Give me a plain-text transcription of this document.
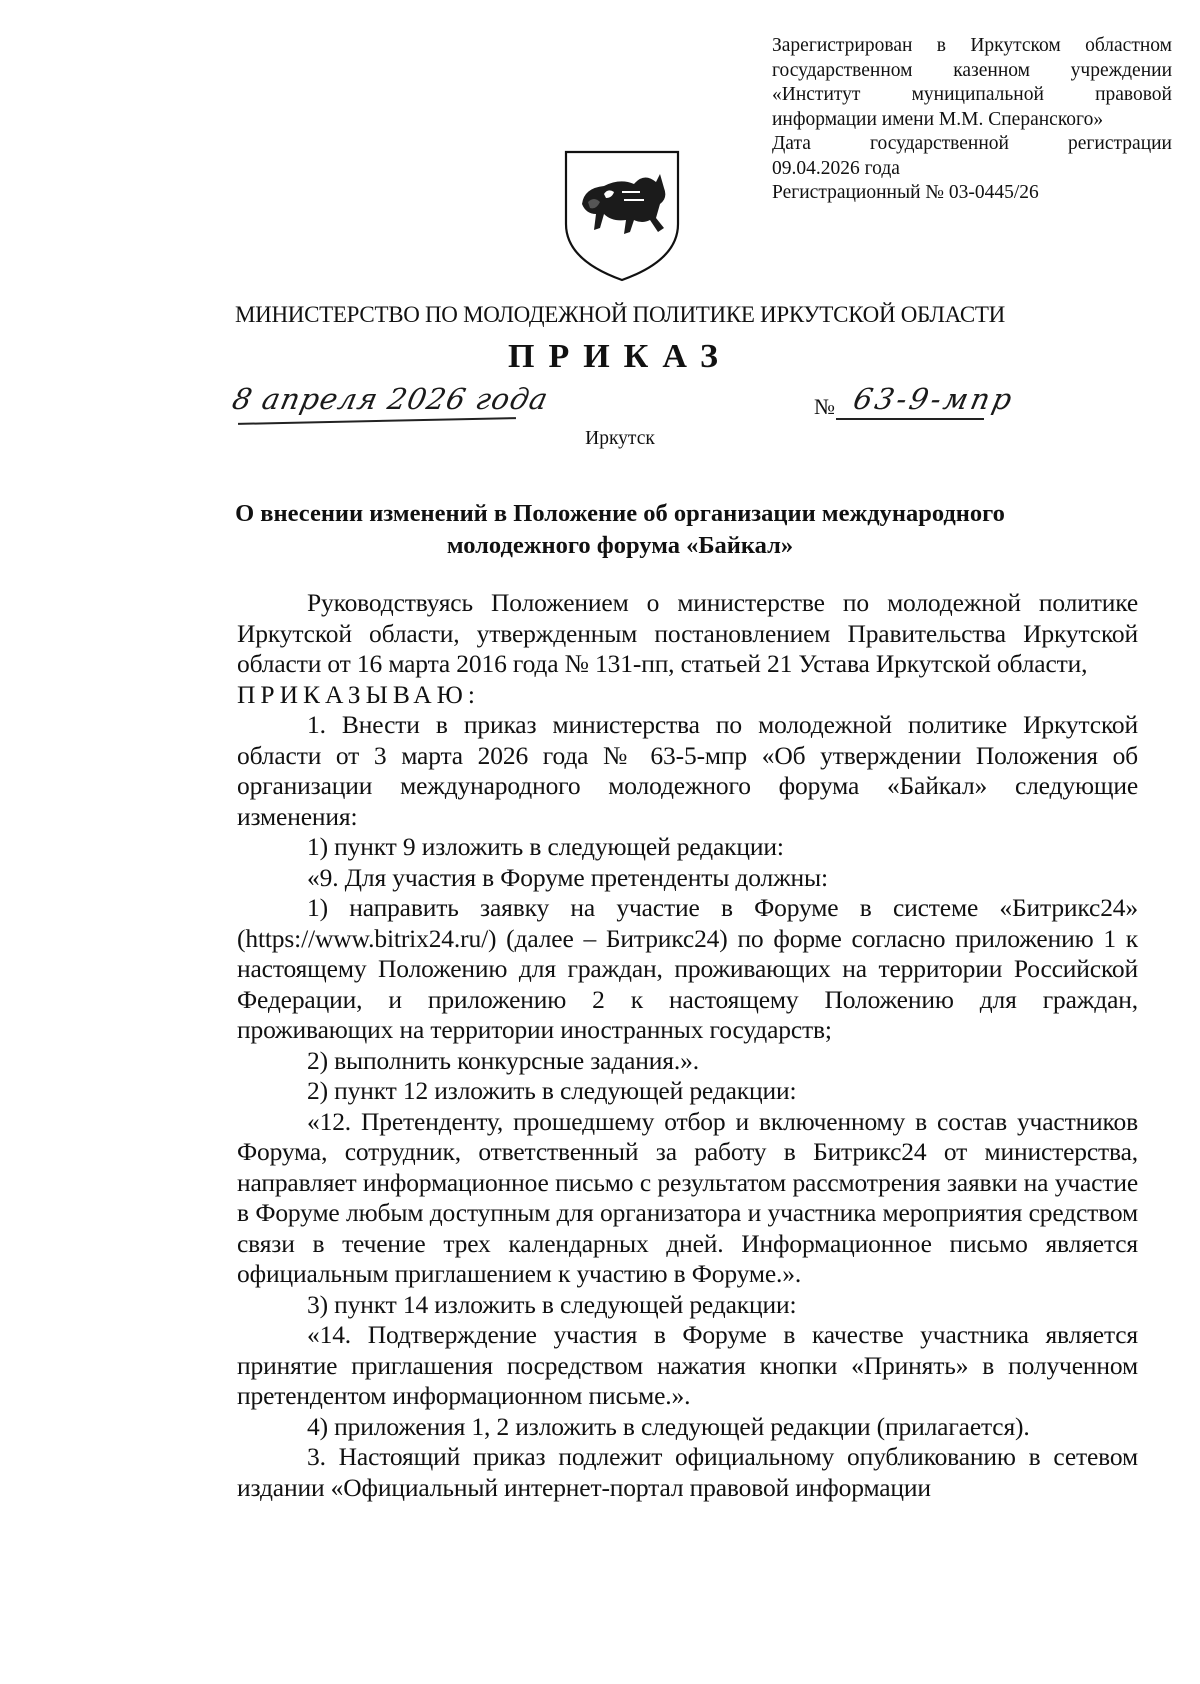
Зарегистрирован в Иркутском областном
государственном казенном учреждении
«Институт муниципальной правовой
информации имени М.М. Сперанского»
Дата государственной регистрации
09.04.2026 года
Регистрационный № 03-0445/26
МИНИСТЕРСТВО ПО МОЛОДЕЖНОЙ ПОЛИТИКЕ ИРКУТСКОЙ ОБЛАСТИ
ПРИКАЗ
8 апреля 2026 года	№ 63-9-мпр
Иркутск
О внесении изменений в Положение об организации международного
молодежного форума «Байкал»

Руководствуясь Положением о министерстве по молодежной политике Иркутской области, утвержденным постановлением Правительства Иркутской области от 16 марта 2016 года № 131-пп, статьей 21 Устава Иркутской области,

ПРИКАЗЫВАЮ:

1. Внести в приказ министерства по молодежной политике Иркутской области от 3 марта 2026 года № 63-5-мпр «Об утверждении Положения об организации международного молодежного форума «Байкал» следующие изменения:

1) пункт 9 изложить в следующей редакции:

«9. Для участия в Форуме претенденты должны:

1) направить заявку на участие в Форуме в системе «Битрикс24» (https://www.bitrix24.ru/) (далее – Битрикс24) по форме согласно приложению 1 к настоящему Положению для граждан, проживающих на территории Российской Федерации, и приложению 2 к настоящему Положению для граждан, проживающих на территории иностранных государств;

2) выполнить конкурсные задания.».

2) пункт 12 изложить в следующей редакции:

«12. Претенденту, прошедшему отбор и включенному в состав участников Форума, сотрудник, ответственный за работу в Битрикс24 от министерства, направляет информационное письмо с результатом рассмотрения заявки на участие в Форуме любым доступным для организатора и участника мероприятия средством связи в течение трех календарных дней. Информационное письмо является официальным приглашением к участию в Форуме.».

3) пункт 14 изложить в следующей редакции:

«14. Подтверждение участия в Форуме в качестве участника является принятие приглашения посредством нажатия кнопки «Принять» в полученном претендентом информационном письме.».

4) приложения 1, 2 изложить в следующей редакции (прилагается).

3. Настоящий приказ подлежит официальному опубликованию в сетевом издании «Официальный интернет-портал правовой информации
